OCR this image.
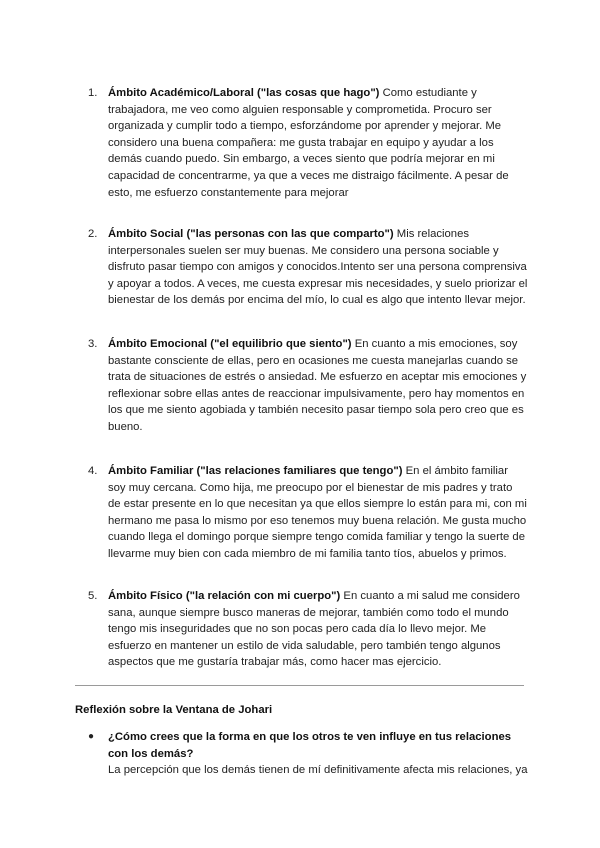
1. Ámbito Académico/Laboral ("las cosas que hago") Como estudiante y trabajadora, me veo como alguien responsable y comprometida. Procuro ser organizada y cumplir todo a tiempo, esforzándome por aprender y mejorar. Me considero una buena compañera: me gusta trabajar en equipo y ayudar a los demás cuando puedo. Sin embargo, a veces siento que podría mejorar en mi capacidad de concentrarme, ya que a veces me distraigo fácilmente. A pesar de esto, me esfuerzo constantemente para mejorar
2. Ámbito Social ("las personas con las que comparto") Mis relaciones interpersonales suelen ser muy buenas. Me considero una persona sociable y disfruto pasar tiempo con amigos y conocidos.Intento ser una persona comprensiva y apoyar a todos. A veces, me cuesta expresar mis necesidades, y suelo priorizar el bienestar de los demás por encima del mío, lo cual es algo que intento llevar mejor.
3. Ámbito Emocional ("el equilibrio que siento") En cuanto a mis emociones, soy bastante consciente de ellas, pero en ocasiones me cuesta manejarlas cuando se trata de situaciones de estrés o ansiedad. Me esfuerzo en aceptar mis emociones y reflexionar sobre ellas antes de reaccionar impulsivamente, pero hay momentos en los que me siento agobiada y también necesito pasar tiempo sola pero creo que es bueno.
4. Ámbito Familiar ("las relaciones familiares que tengo") En el ámbito familiar soy muy cercana. Como hija, me preocupo por el bienestar de mis padres y trato de estar presente en lo que necesitan ya que ellos siempre lo están para mi, con mi hermano me pasa lo mismo por eso tenemos muy buena relación. Me gusta mucho cuando llega el domingo porque siempre tengo comida familiar y tengo la suerte de llevarme muy bien con cada miembro de mi familia tanto tíos, abuelos y primos.
5. Ámbito Físico ("la relación con mi cuerpo") En cuanto a mi salud me considero sana, aunque siempre busco maneras de mejorar, también como todo el mundo tengo mis inseguridades que no son pocas pero cada día lo llevo mejor. Me esfuerzo en mantener un estilo de vida saludable, pero también tengo algunos aspectos que me gustaría trabajar más, como hacer mas ejercicio.
Reflexión sobre la Ventana de Johari
● ¿Cómo crees que la forma en que los otros te ven influye en tus relaciones con los demás?
La percepción que los demás tienen de mí definitivamente afecta mis relaciones, ya
